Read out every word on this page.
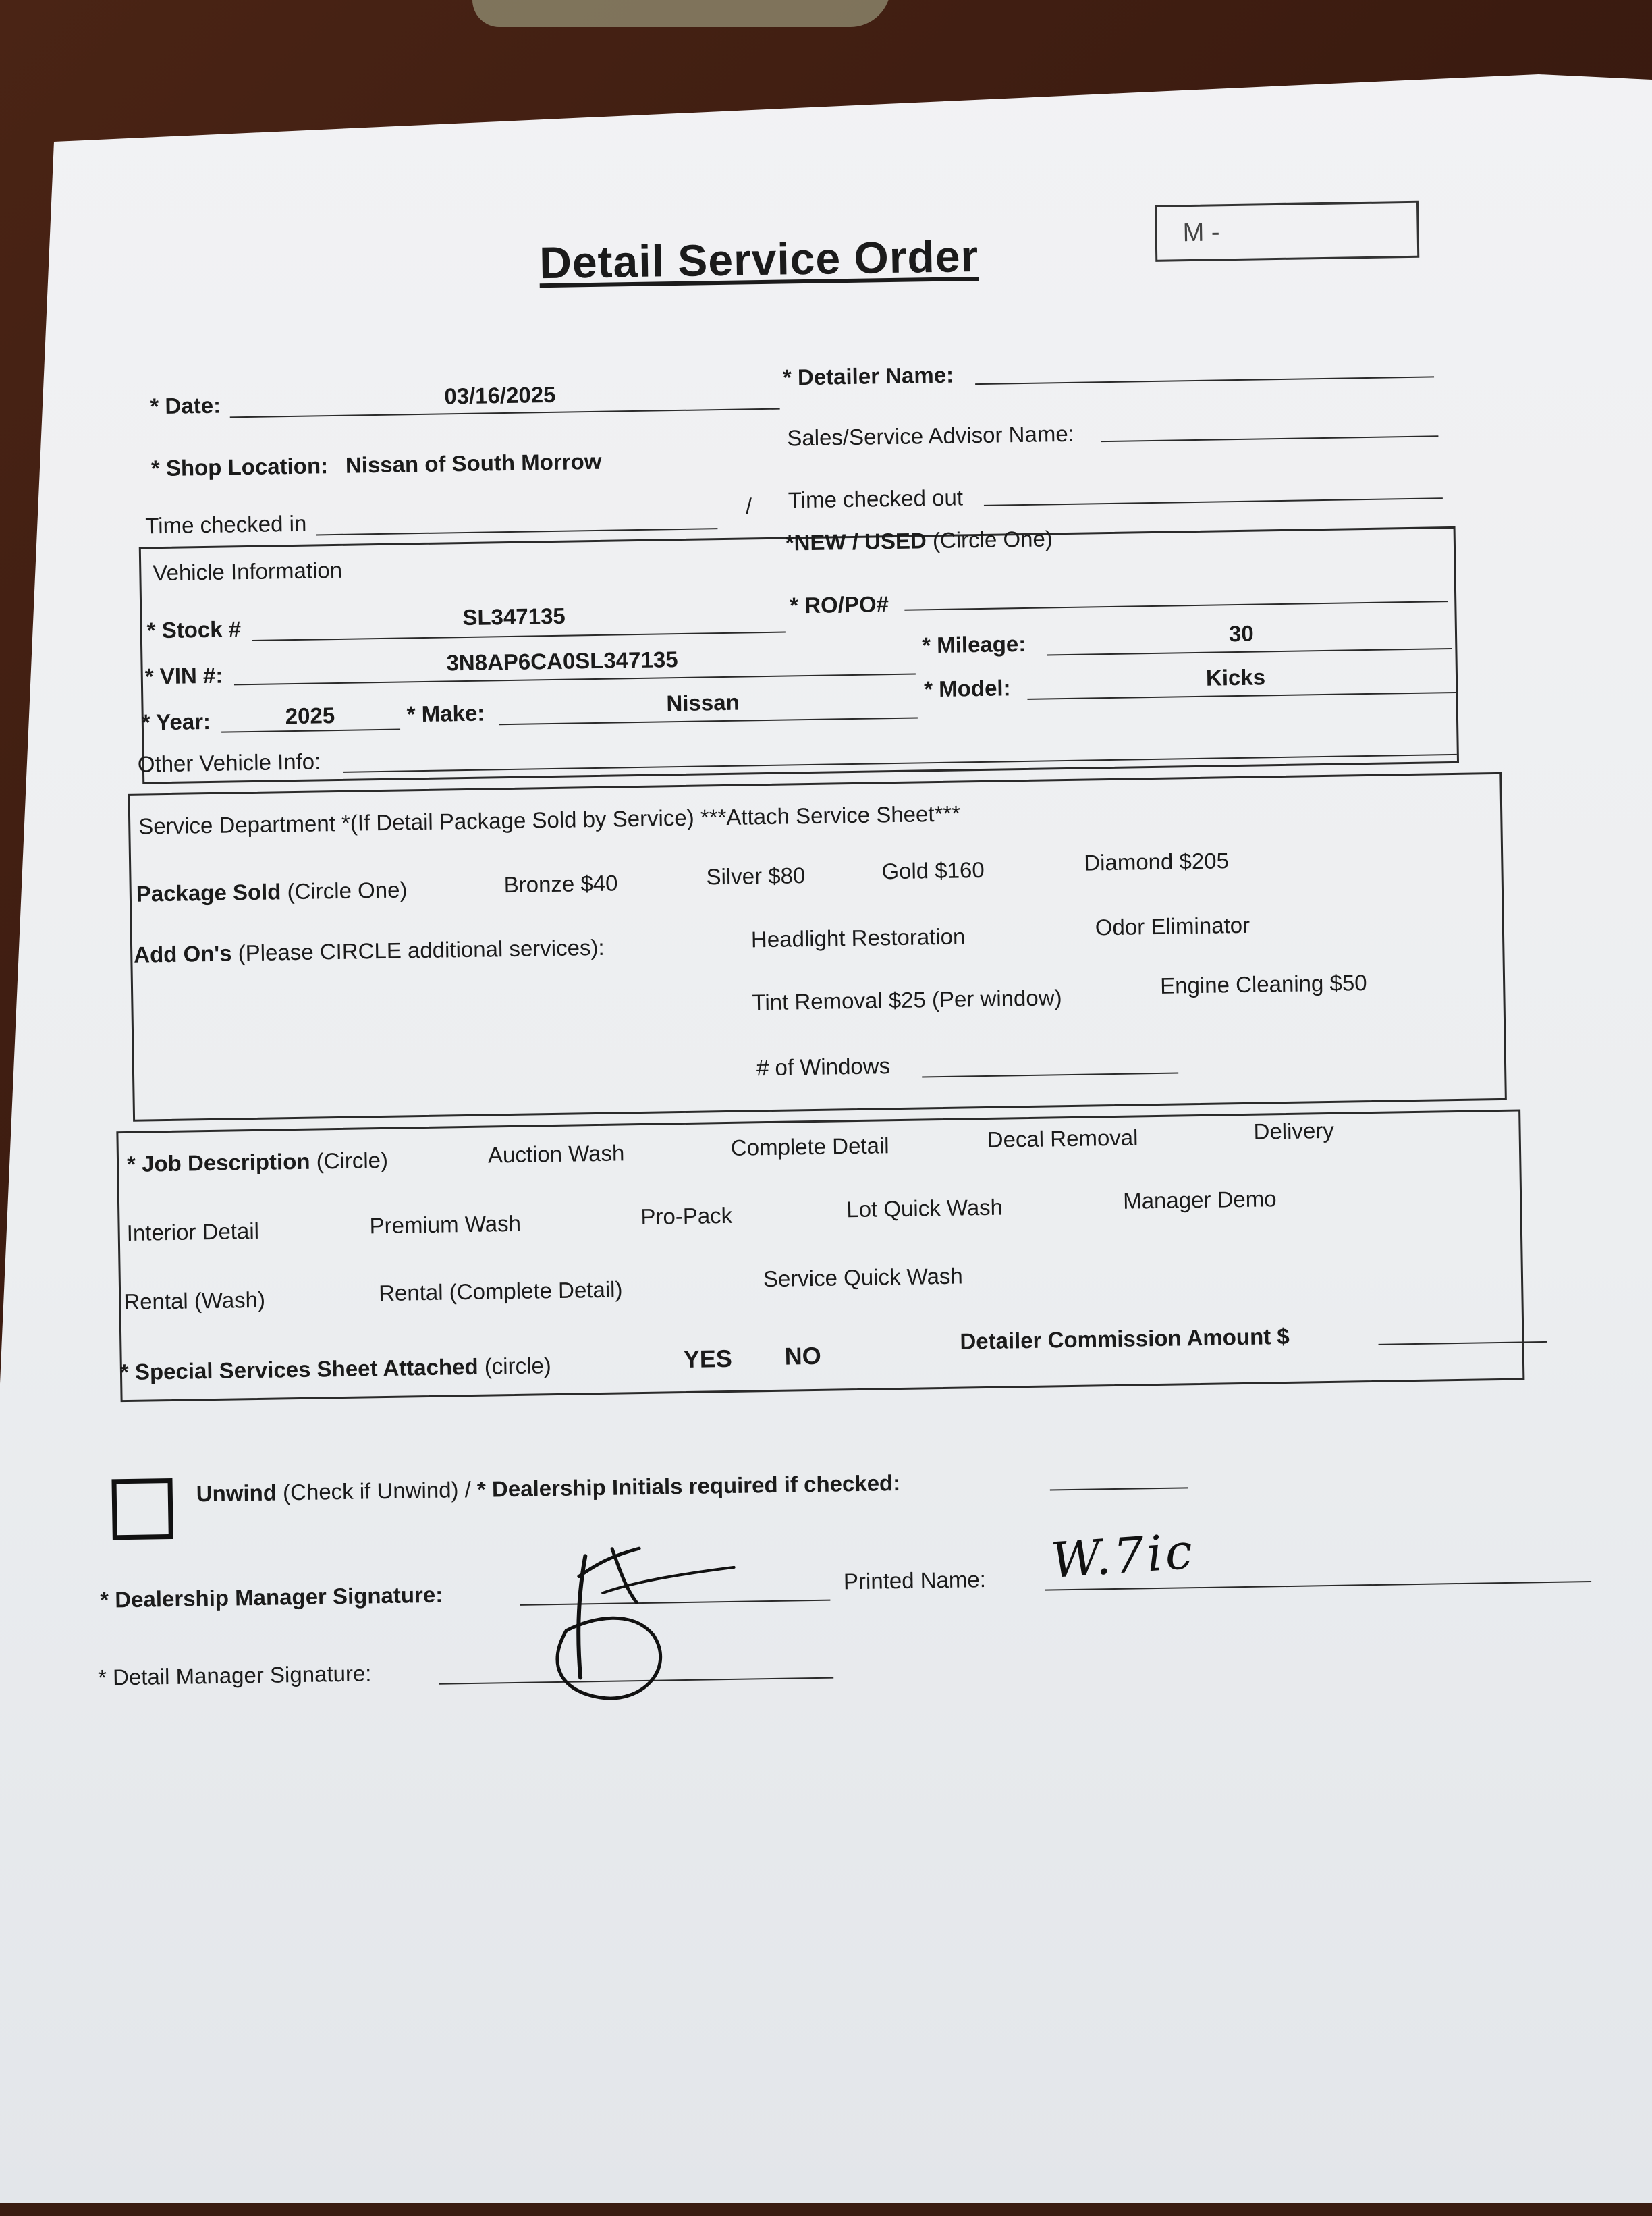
Detail Service Order	M -
* Date:	03/16/2025
* Detailer Name:
* Shop Location: Nissan of South Morrow
Sales/Service Advisor Name:
Time checked in
/ Time checked out
Vehicle Information
*NEW / USED (Circle One)
* Stock #	SL347135	* RO/PO#
* VIN #:
3N8AP6CA0SL347135
* Mileage:	30
* Year:	2025	* Make:	Nissan
* Model:	Kicks
Other Vehicle Info:
Service Department *(If Detail Package Sold by Service) ***Attach Service Sheet***
Package Sold (Circle One)	Bronze $40	Silver $80	Gold $160	Diamond $205
Add On's (Please CIRCLE additional services):	Headlight Restoration	Odor Eliminator
Tint Removal $25 (Per window)
Engine Cleaning $50
# of Windows
* Job Description (Circle)	Auction Wash	Complete Detail	Decal Removal	Delivery
Interior Detail	Premium Wash	Pro-Pack	Lot Quick Wash	Manager Demo
Rental (Wash)	Rental (Complete Detail)	Service Quick Wash
* Special Services Sheet Attached (circle)	YES NO
Detailer Commission Amount $
Unwind (Check if Unwind) / * Dealership Initials required if checked:
* Dealership Manager Signature:
Printed Name: W.7ic
* Detail Manager Signature:
